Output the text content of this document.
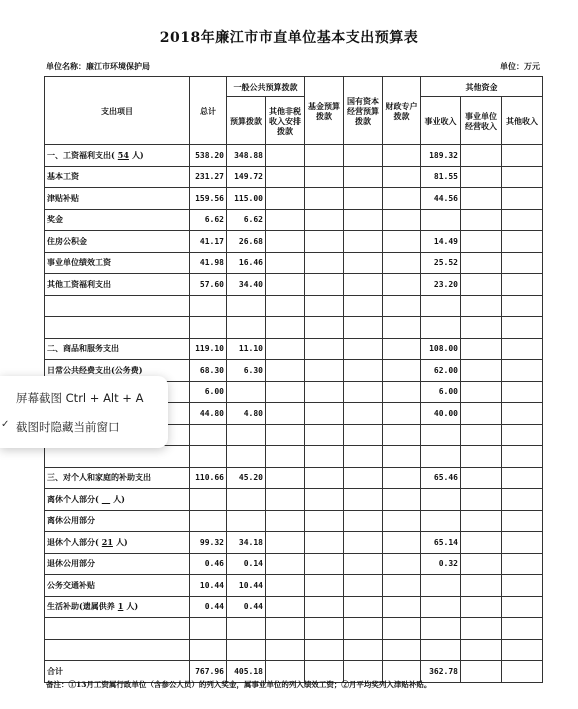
2018年廉江市市直单位基本支出预算表
单位名称：廉江市环境保护局	单位：万元
支出项目	总计	一般公共预算拨款		基金预算拨款	国有资本经营预算拨款	财政专户拨款	其他资金		
		预算拨款	其他非税收入安排拨款				事业收入	事业单位经营收入	其他收入

一、工资福利支出( 54 人)	538.20	348.88					189.32		
基本工资	231.27	149.72					81.55		
津贴补贴	159.56	115.00					44.56		
奖金	6.62	6.62							
住房公积金	41.17	26.68					14.49		
事业单位绩效工资	41.98	16.46					25.52		
其他工资福利支出	57.60	34.40					23.20		

二、商品和服务支出	119.10	11.10					108.00		
日常公共经费支出(公务费)	68.30	6.30					62.00		
	6.00						6.00		
	44.80	4.80					40.00		

三、对个人和家庭的补助支出	110.66	45.20					65.46		
离休个人部分( 人)									
离休公用部分									
退休个人部分( 21 人)	99.32	34.18					65.14		
退休公用部分	0.46	0.14					0.32		
公务交通补贴	10.44	10.44							
生活补助(遗属供养 1 人)	0.44	0.44							

合计	767.96	405.18					362.78		
备注：①13月工资属行政单位（含参公人员）的列入奖金，属事业单位的列入绩效工资；②月平均奖列入津贴补贴。
屏幕截图 Ctrl + Alt + A
✓ 截图时隐藏当前窗口
